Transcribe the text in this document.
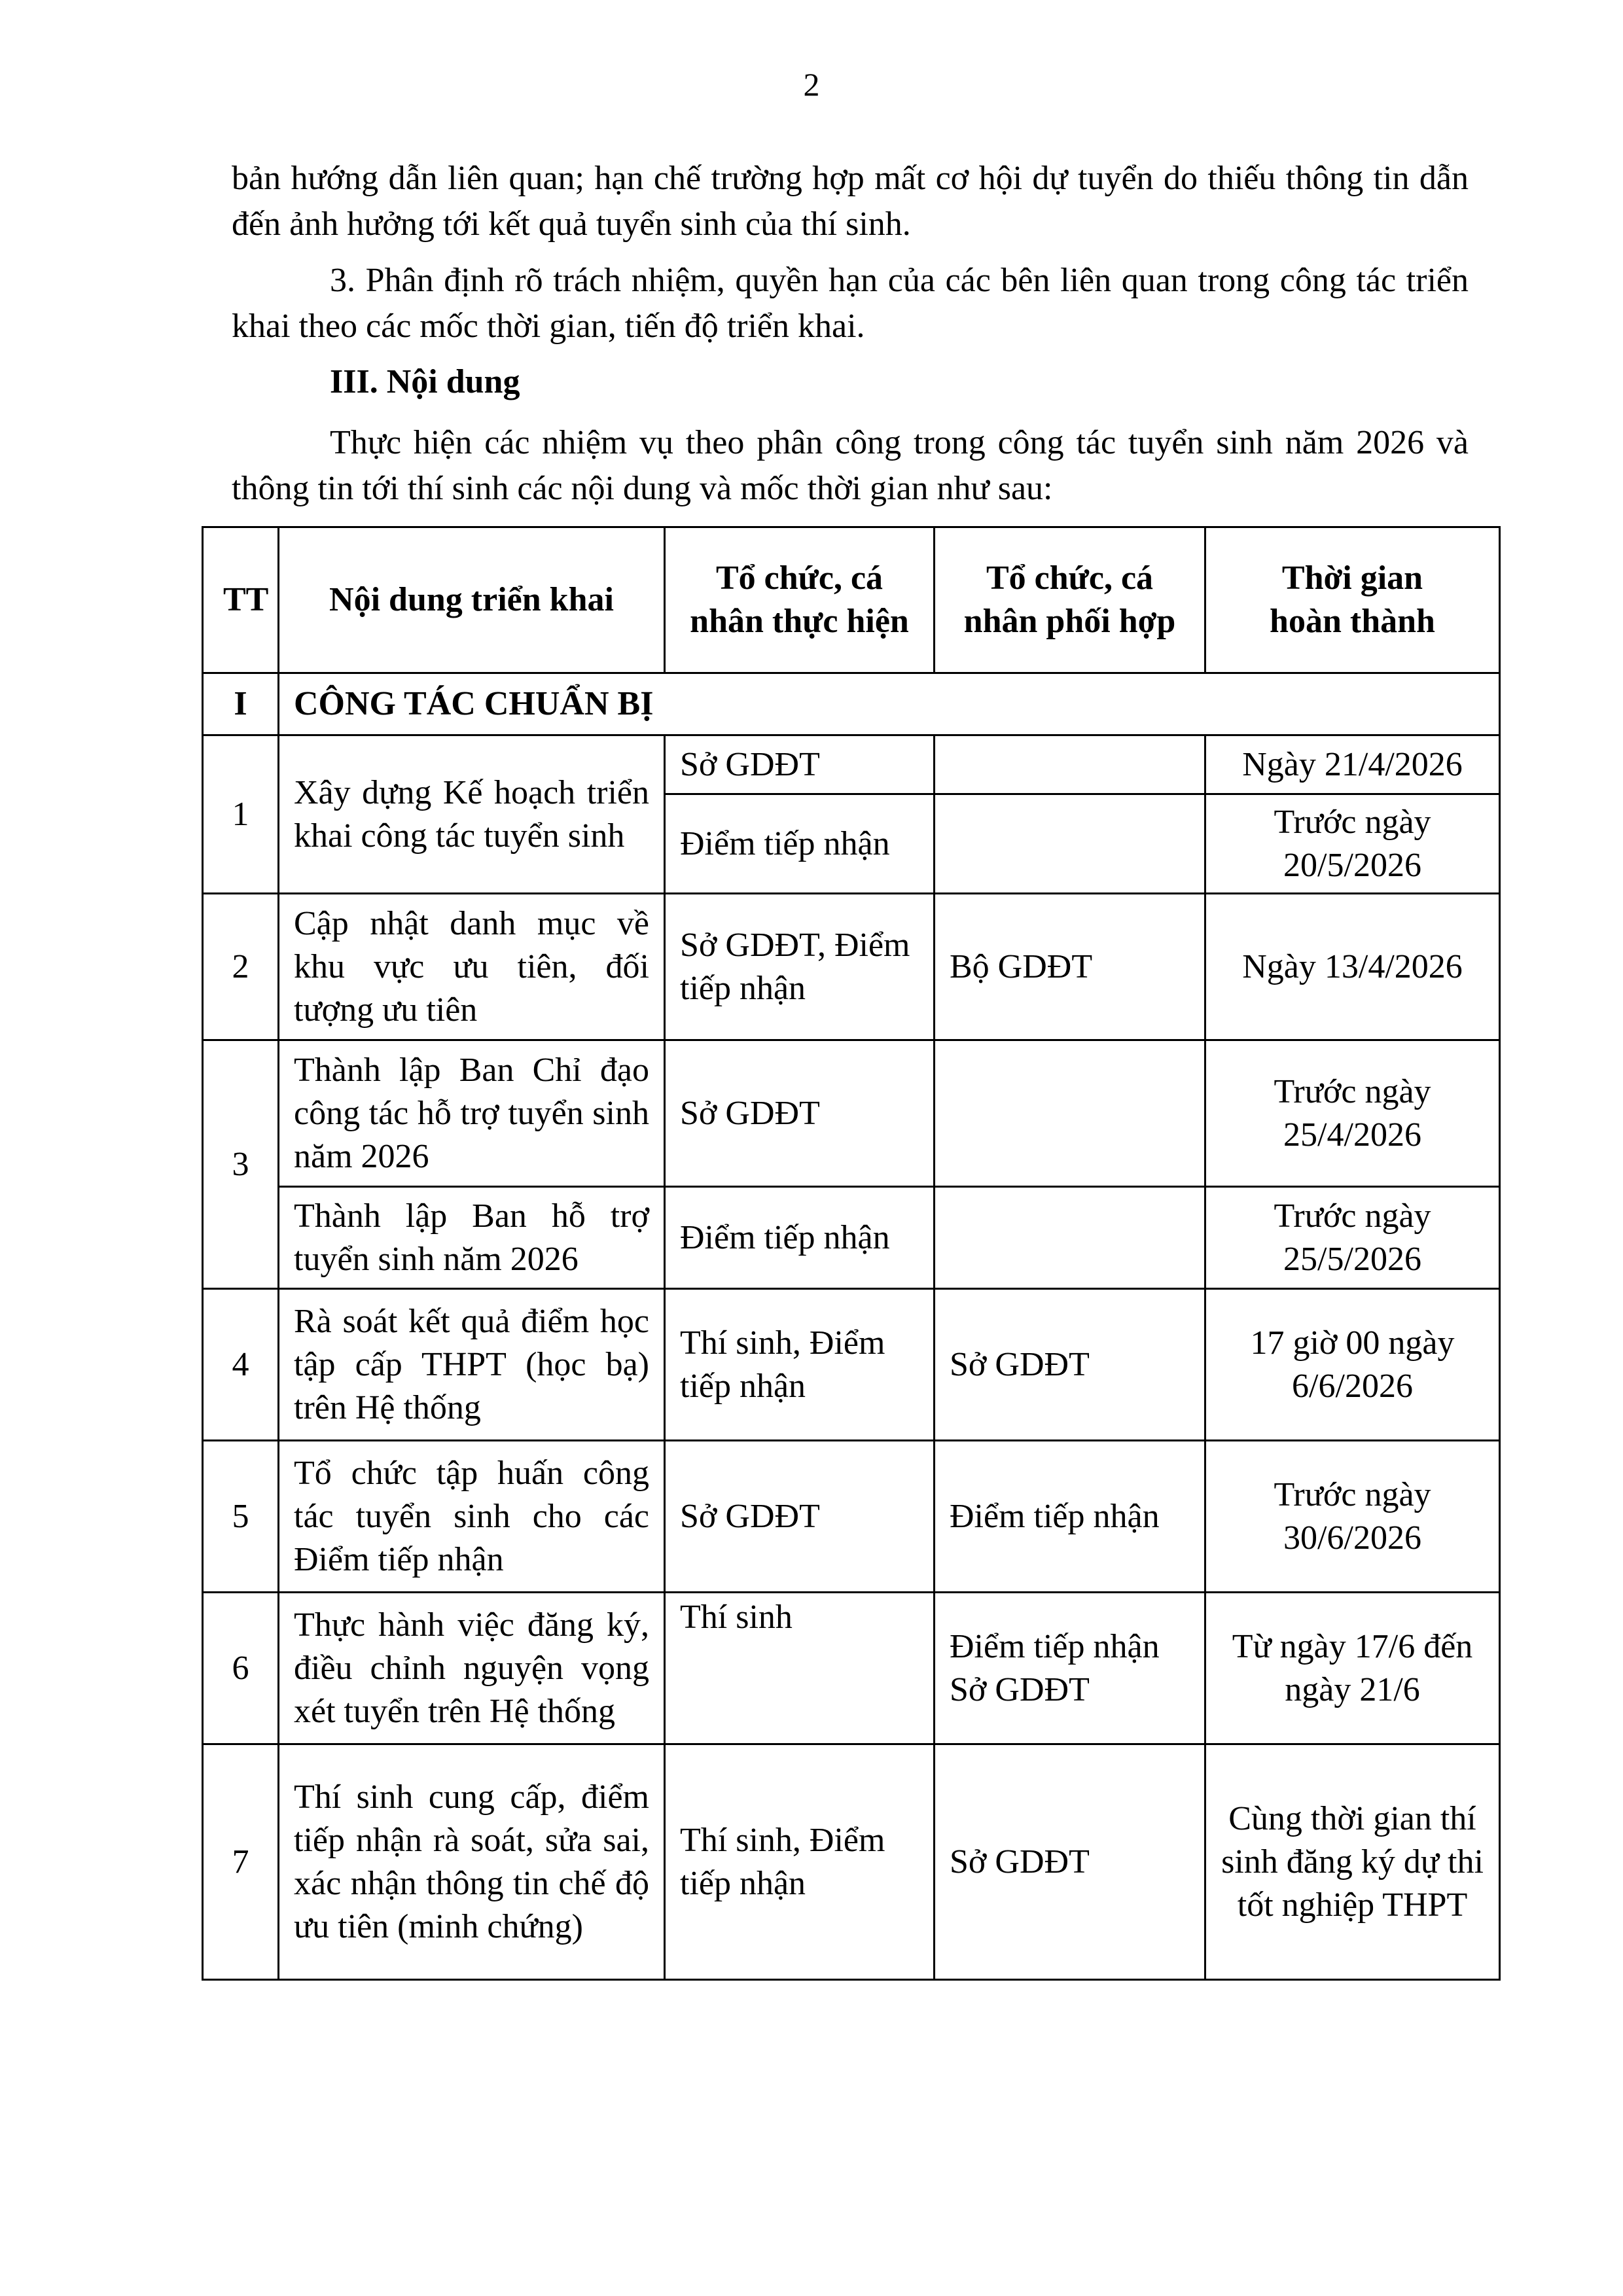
2

bản hướng dẫn liên quan; hạn chế trường hợp mất cơ hội dự tuyển do thiếu thông tin dẫn đến ảnh hưởng tới kết quả tuyển sinh của thí sinh.

3. Phân định rõ trách nhiệm, quyền hạn của các bên liên quan trong công tác triển khai theo các mốc thời gian, tiến độ triển khai.

III. Nội dung

Thực hiện các nhiệm vụ theo phân công trong công tác tuyển sinh năm 2026 và thông tin tới thí sinh các nội dung và mốc thời gian như sau:

TT	Nội dung triển khai	Tổ chức, cá nhân thực hiện	Tổ chức, cá nhân phối hợp	Thời gian hoàn thành
I	CÔNG TÁC CHUẨN BỊ			
1	Xây dựng Kế hoạch triển khai công tác tuyển sinh	Sở GDĐT		Ngày 21/4/2026
		Điểm tiếp nhận		Trước ngày 20/5/2026
2	Cập nhật danh mục về khu vực ưu tiên, đối tượng ưu tiên	Sở GDĐT, Điểm tiếp nhận	Bộ GDĐT	Ngày 13/4/2026
3	Thành lập Ban Chỉ đạo công tác hỗ trợ tuyển sinh năm 2026	Sở GDĐT		Trước ngày 25/4/2026
	Thành lập Ban hỗ trợ tuyển sinh năm 2026	Điểm tiếp nhận		Trước ngày 25/5/2026
4	Rà soát kết quả điểm học tập cấp THPT (học bạ) trên Hệ thống	Thí sinh, Điểm tiếp nhận	Sở GDĐT	17 giờ 00 ngày 6/6/2026
5	Tổ chức tập huấn công tác tuyển sinh cho các Điểm tiếp nhận	Sở GDĐT	Điểm tiếp nhận	Trước ngày 30/6/2026
6	Thực hành việc đăng ký, điều chỉnh nguyện vọng xét tuyển trên Hệ thống	Thí sinh	Điểm tiếp nhận Sở GDĐT	Từ ngày 17/6 đến ngày 21/6
7	Thí sinh cung cấp, điểm tiếp nhận rà soát, sửa sai, xác nhận thông tin chế độ ưu tiên (minh chứng)	Thí sinh, Điểm tiếp nhận	Sở GDĐT	Cùng thời gian thí sinh đăng ký dự thi tốt nghiệp THPT
